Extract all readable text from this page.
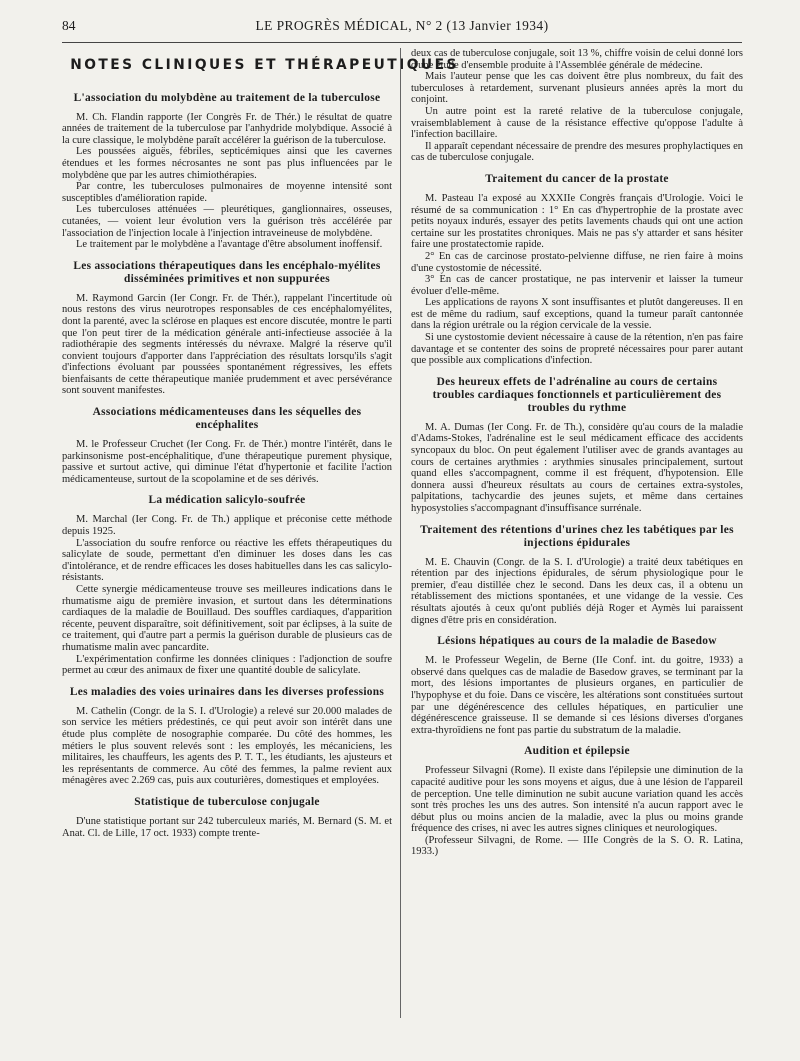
84	LE PROGRÈS MÉDICAL, N° 2 (13 Janvier 1934)
NOTES CLINIQUES ET THÉRAPEUTIQUES
L'association du molybdène au traitement de la tuberculose

M. Ch. Flandin rapporte (Ier Congrès Fr. de Thér.) le résultat de quatre années de traitement de la tuberculose par l'anhydride molybdique. Associé à la cure classique, le molybdène paraît accélérer la guérison de la tuberculose.

Les poussées aiguës, fébriles, septicémiques ainsi que les cavernes étendues et les formes nécrosantes ne sont pas plus influencées par le molybdène que par les autres chimiothérapies.

Par contre, les tuberculoses pulmonaires de moyenne intensité sont susceptibles d'amélioration rapide.

Les tuberculoses atténuées — pleurétiques, ganglionnaires, osseuses, cutanées, — voient leur évolution vers la guérison très accélérée par l'association de l'injection locale à l'injection intraveineuse de molybdène.

Le traitement par le molybdène a l'avantage d'être absolument inoffensif.

Les associations thérapeutiques dans les encéphalo-myélites disséminées primitives et non suppurées

M. Raymond Garcin (Ier Congr. Fr. de Thér.), rappelant l'incertitude où nous restons des virus neurotropes responsables de ces encéphalomyélites, dont la parenté, avec la sclérose en plaques est encore discutée, montre le parti que l'on peut tirer de la médication générale anti-infectieuse associée à la radiothérapie des segments intéressés du névraxe. Malgré la réserve qu'il convient toujours d'apporter dans l'appréciation des résultats lorsqu'ils s'agit d'infections évoluant par poussées spontanément régressives, les effets bienfaisants de cette thérapeutique maniée prudemment et avec persévérance sont souvent manifestes.

Associations médicamenteuses dans les séquelles des encéphalites

M. le Professeur Cruchet (Ier Cong. Fr. de Thér.) montre l'intérêt, dans le parkinsonisme post-encéphalitique, d'une thérapeutique purement physique, passive et surtout active, qui diminue l'état d'hypertonie et facilite l'action médicamenteuse, surtout de la scopolamine et de ses dérivés.

La médication salicylo-soufrée

M. Marchal (Ier Cong. Fr. de Th.) applique et préconise cette méthode depuis 1925.

L'association du soufre renforce ou réactive les effets thérapeutiques du salicylate de soude, permettant d'en diminuer les doses dans les cas d'intolérance, et de rendre efficaces les doses habituelles dans les cas salicylo-résistants.

Cette synergie médicamenteuse trouve ses meilleures indications dans le rhumatisme aigu de première invasion, et surtout dans les déterminations cardiaques de la maladie de Bouillaud. Des souffles cardiaques, d'apparition récente, peuvent disparaître, soit définitivement, soit par éclipses, à la suite de ce traitement, qui d'autre part a permis la guérison durable de plusieurs cas de rhumatisme malin avec pancardite.

L'expérimentation confirme les données cliniques : l'adjonction de soufre permet au cœur des animaux de fixer une quantité double de salicylate.

Les maladies des voies urinaires dans les diverses professions

M. Cathelin (Congr. de la S. I. d'Urologie) a relevé sur 20.000 malades de son service les métiers prédestinés, ce qui peut avoir son intérêt dans une étude plus complète de nosographie comparée. Du côté des hommes, les métiers le plus souvent relevés sont : les employés, les mécaniciens, les militaires, les chauffeurs, les agents des P. T. T., les étudiants, les ajusteurs et les représentants de commerce. Au côté des femmes, la palme revient aux ménagères avec 2.269 cas, puis aux couturières, domestiques et employées.

Statistique de tuberculose conjugale

D'une statistique portant sur 242 tuberculeux mariés, M. Bernard (S. M. et Anat. Cl. de Lille, 17 oct. 1933) compte trente-

deux cas de tuberculose conjugale, soit 13 %, chiffre voisin de celui donné lors d'une étude d'ensemble produite à l'Assemblée générale de médecine.

Mais l'auteur pense que les cas doivent être plus nombreux, du fait des tuberculoses à retardement, survenant plusieurs années après la mort du conjoint.

Un autre point est la rareté relative de la tuberculose conjugale, vraisemblablement à cause de la résistance effective qu'oppose l'adulte à l'infection bacillaire.

Il apparaît cependant nécessaire de prendre des mesures prophylactiques en cas de tuberculose conjugale.

Traitement du cancer de la prostate

M. Pasteau l'a exposé au XXXIIe Congrès français d'Urologie. Voici le résumé de sa communication : 1° En cas d'hypertrophie de la prostate avec petits noyaux indurés, essayer des petits lavements chauds qui ont une action certaine sur les prostatites chroniques. Mais ne pas s'y attarder et sans hésiter faire une prostatectomie rapide.

2° En cas de carcinose prostato-pelvienne diffuse, ne rien faire à moins d'une cystostomie de nécessité.

3° En cas de cancer prostatique, ne pas intervenir et laisser la tumeur évoluer d'elle-même.

Les applications de rayons X sont insuffisantes et plutôt dangereuses. Il en est de même du radium, sauf exceptions, quand la tumeur paraît cantonnée dans la région urétrale ou la région cervicale de la vessie.

Si une cystostomie devient nécessaire à cause de la rétention, n'en pas faire davantage et se contenter des soins de propreté nécessaires pour parer autant que possible aux complications d'infection.

Des heureux effets de l'adrénaline au cours de certains troubles cardiaques fonctionnels et particulièrement des troubles du rythme

M. A. Dumas (Ier Cong. Fr. de Th.), considère qu'au cours de la maladie d'Adams-Stokes, l'adrénaline est le seul médicament efficace des accidents syncopaux du bloc. On peut également l'utiliser avec de grands avantages au cours de certaines arythmies : arythmies sinusales principalement, surtout quand elles s'accompagnent, comme il est fréquent, d'hypotension. Elle donnera aussi d'heureux résultats au cours de certaines extra-systoles, palpitations, tachycardie des jeunes sujets, et même dans certaines hyposystolies s'accompagnant d'insuffisance surrénale.

Traitement des rétentions d'urines chez les tabétiques par les injections épidurales

M. E. Chauvin (Congr. de la S. I. d'Urologie) a traité deux tabétiques en rétention par des injections épidurales, de sérum physiologique pour le premier, d'eau distillée chez le second. Dans les deux cas, il a obtenu un rétablissement des mictions spontanées, et une vidange de la vessie. Ces résultats ajoutés à ceux qu'ont publiés déjà Roger et Aymès lui paraissent dignes d'être pris en considération.

Lésions hépatiques au cours de la maladie de Basedow

M. le Professeur Wegelin, de Berne (IIe Conf. int. du goitre, 1933) a observé dans quelques cas de maladie de Basedow graves, se terminant par la mort, des lésions importantes de plusieurs organes, en particulier de l'hypophyse et du foie. Dans ce viscère, les altérations sont constituées surtout par une dégénérescence des cellules hépatiques, en particulier une dégénérescence graisseuse. Il se demande si ces lésions diverses d'organes extra-thyroïdiens ne font pas partie du substratum de la maladie.

Audition et épilepsie

Professeur Silvagni (Rome). Il existe dans l'épilepsie une diminution de la capacité auditive pour les sons moyens et aigus, due à une lésion de l'appareil de perception. Une telle diminution ne subit aucune variation quand les accès sont très proches les uns des autres. Son intensité n'a aucun rapport avec le début plus ou moins ancien de la maladie, avec la plus ou moins grande fréquence des crises, ni avec les autres signes cliniques et neurologiques.

(Professeur Silvagni, de Rome. — IIIe Congrès de la S. O. R. Latina, 1933.)
